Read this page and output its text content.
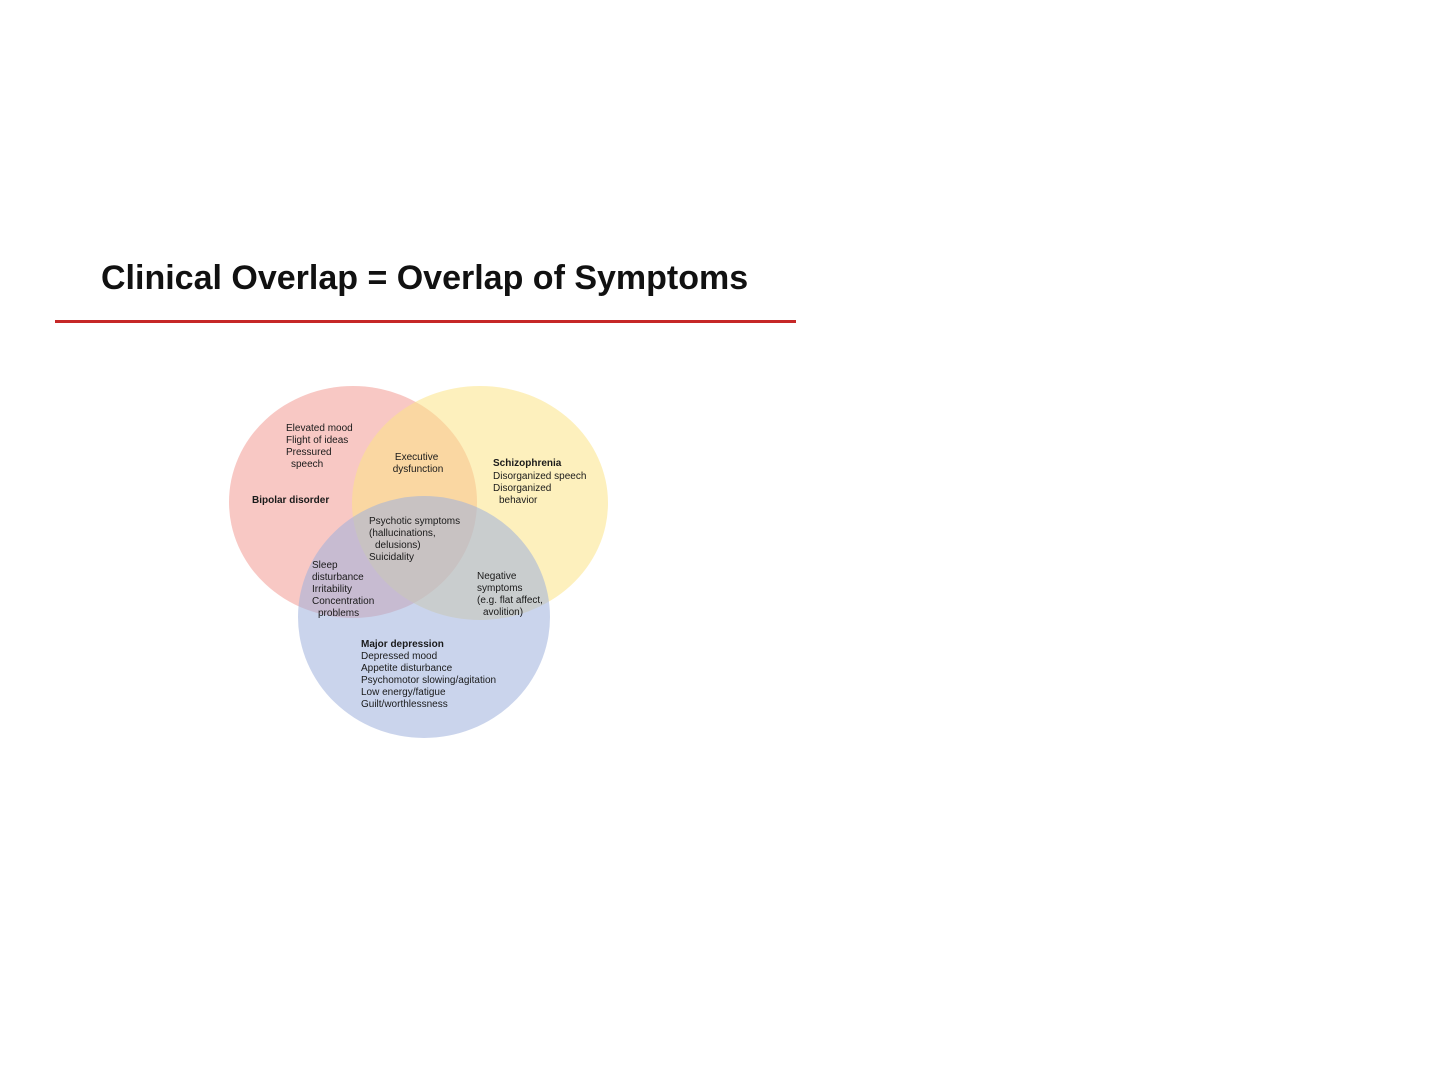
Clinical Overlap = Overlap of Symptoms
Elevated mood Flight of ideas Pressured speech
Bipolar disorder
Executive dysfunction
Schizophrenia
Disorganized speech Disorganized behavior
Psychotic symptoms (hallucinations, delusions) Suicidality
Sleep disturbance Irritability Concentration problems
Negative symptoms (e.g. flat affect, avolition)
Major depression
Depressed mood Appetite disturbance Psychomotor slowing/agitation Low energy/fatigue Guilt/worthlessness
